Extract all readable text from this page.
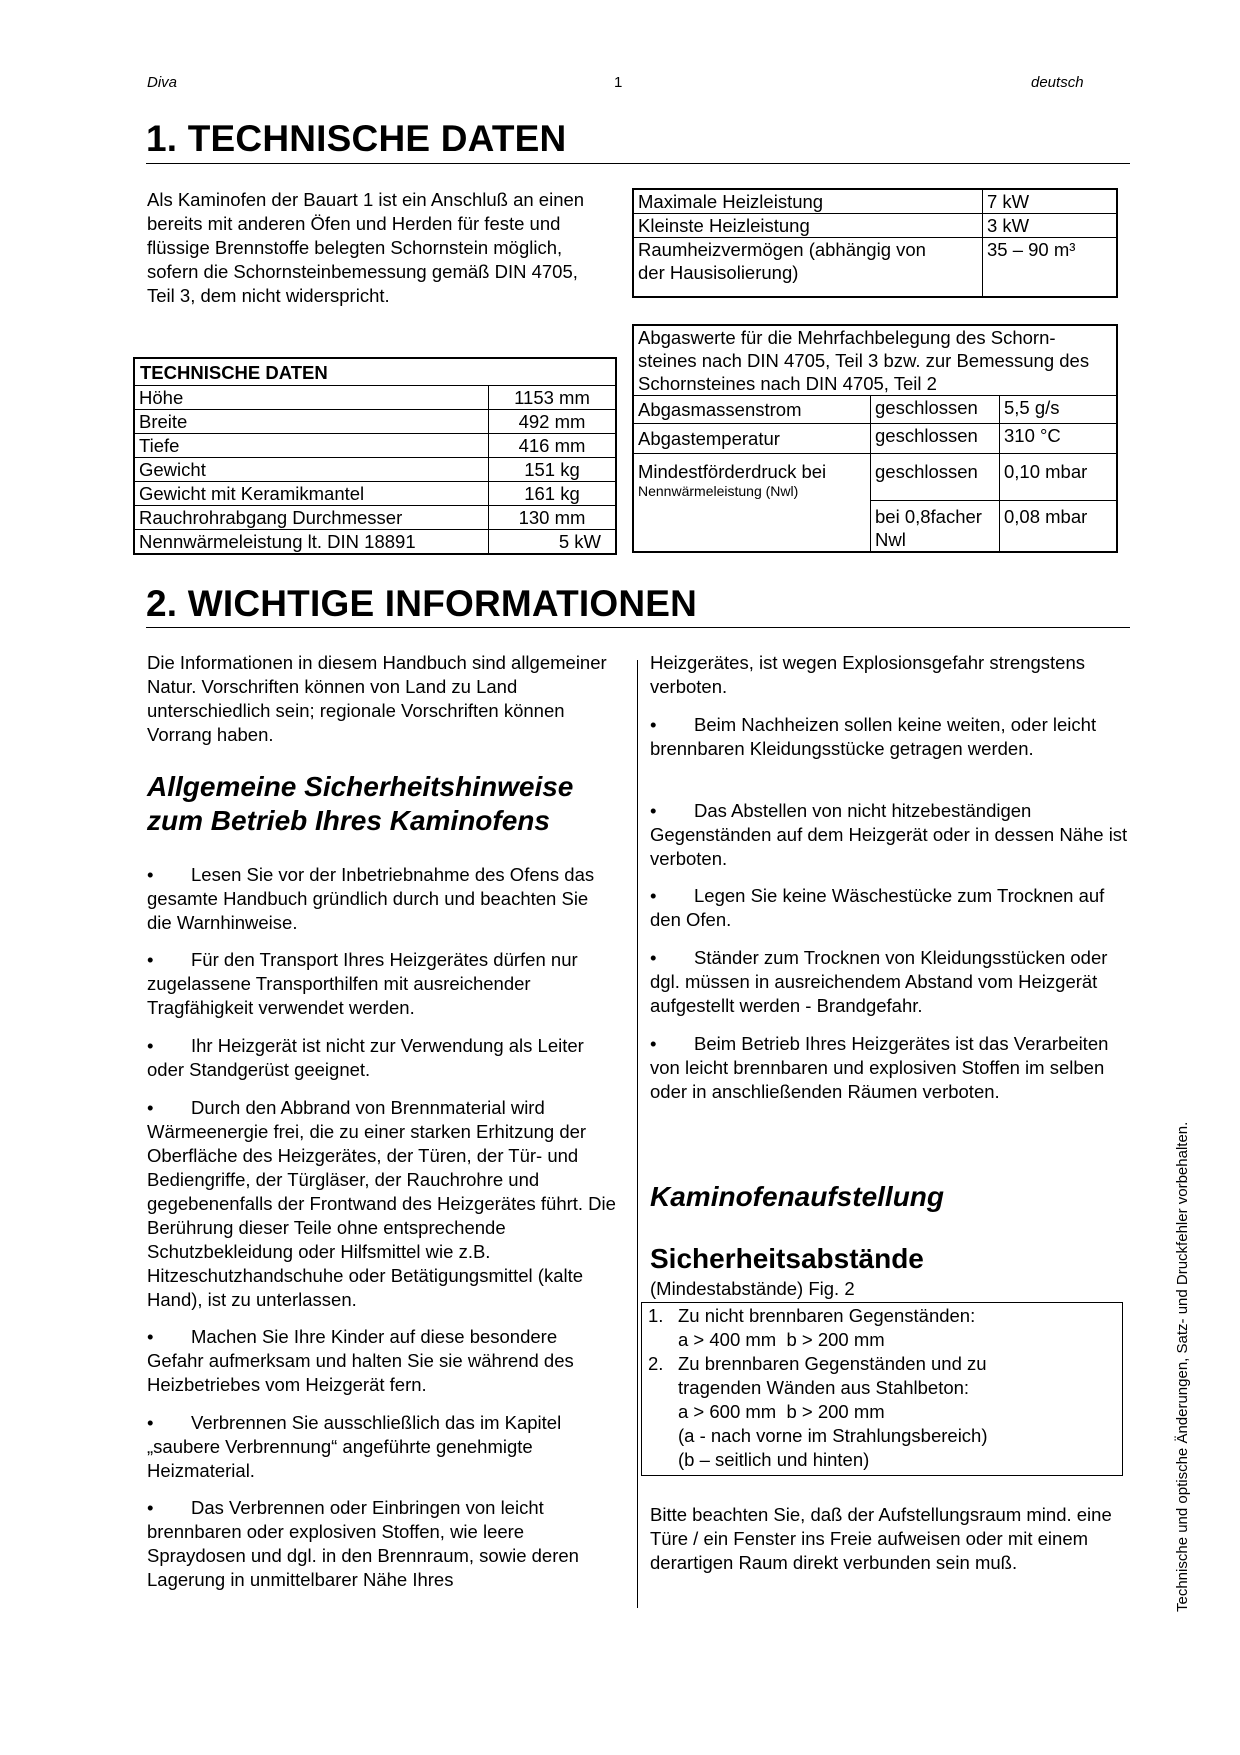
Diva	1	deutsch
1. TECHNISCHE DATEN

Als Kaminofen der Bauart 1 ist ein Anschluß an einen bereits mit anderen Öfen und Herden für feste und flüssige Brennstoffe belegten Schornstein möglich, sofern die Schornsteinbemessung gemäß DIN 4705, Teil 3, dem nicht widerspricht.

TECHNISCHE DATEN	
Höhe	1153 mm
Breite	492 mm
Tiefe	416 mm
Gewicht	151 kg
Gewicht mit Keramikmantel	161 kg
Rauchrohrabgang Durchmesser	130 mm
Nennwärmeleistung lt. DIN 18891	5 kW
Maximale Heizleistung	7 kW
Kleinste Heizleistung	3 kW
Raumheizvermögen (abhängig von der Hausisolierung)	35 – 90 m³
Abgaswerte für die Mehrfachbelegung des Schorn-steines nach DIN 4705, Teil 3 bzw. zur Bemessung des Schornsteines nach DIN 4705, Teil 2		
Abgasmassenstrom	geschlossen	5,5 g/s
Abgastemperatur	geschlossen	310 °C

Mindestförderdruck bei
Nennwärmeleistung (Nwl)	geschlossen	0,10 mbar
	bei 0,8facher Nwl	0,08 mbar
2. WICHTIGE INFORMATIONEN

Die Informationen in diesem Handbuch sind allgemeiner Natur. Vorschriften können von Land zu Land unterschiedlich sein; regionale Vorschriften können Vorrang haben.

Allgemeine Sicherheitshinweise zum Betrieb Ihres Kaminofens
• Lesen Sie vor der Inbetriebnahme des Ofens das gesamte Handbuch gründlich durch und beachten Sie die Warnhinweise.
• Für den Transport Ihres Heizgerätes dürfen nur zugelassene Transporthilfen mit ausreichender Tragfähigkeit verwendet werden.
• Ihr Heizgerät ist nicht zur Verwendung als Leiter oder Standgerüst geeignet.
• Durch den Abbrand von Brennmaterial wird Wärmeenergie frei, die zu einer starken Erhitzung der Oberfläche des Heizgerätes, der Türen, der Tür- und Bediengriffe, der Türgläser, der Rauchrohre und gegebenenfalls der Frontwand des Heizgerätes führt. Die Berührung dieser Teile ohne entsprechende Schutzbekleidung oder Hilfsmittel wie z.B. Hitzeschutzhandschuhe oder Betätigungsmittel (kalte Hand), ist zu unterlassen.
• Machen Sie Ihre Kinder auf diese besondere Gefahr aufmerksam und halten Sie sie während des Heizbetriebes vom Heizgerät fern.
• Verbrennen Sie ausschließlich das im Kapitel „saubere Verbrennung“ angeführte genehmigte Heizmaterial.
• Das Verbrennen oder Einbringen von leicht brennbaren oder explosiven Stoffen, wie leere Spraydosen und dgl. in den Brennraum, sowie deren Lagerung in unmittelbarer Nähe Ihres

Heizgerätes, ist wegen Explosionsgefahr strengstens verboten.

• Beim Nachheizen sollen keine weiten, oder leicht brennbaren Kleidungsstücke getragen werden.
• Das Abstellen von nicht hitzebeständigen Gegenständen auf dem Heizgerät oder in dessen Nähe ist verboten.
• Legen Sie keine Wäschestücke zum Trocknen auf den Ofen.
• Ständer zum Trocknen von Kleidungsstücken oder dgl. müssen in ausreichendem Abstand vom Heizgerät aufgestellt werden - Brandgefahr.
• Beim Betrieb Ihres Heizgerätes ist das Verarbeiten von leicht brennbaren und explosiven Stoffen im selben oder in anschließenden Räumen verboten.
Kaminofenaufstellung
Sicherheitsabstände

(Mindestabstände) Fig. 2

1. Zu nicht brennbaren Gegenständen:
a > 400 mm  b > 200 mm
2. Zu brennbaren Gegenständen und zu tragenden Wänden aus Stahlbeton:
a > 600 mm  b > 200 mm
(a - nach vorne im Strahlungsbereich)
(b – seitlich und hinten)

Bitte beachten Sie, daß der Aufstellungsraum mind. eine Türe / ein Fenster ins Freie aufweisen oder mit einem derartigen Raum direkt verbunden sein muß.	Technische und optische Änderungen, Satz- und Druckfehler vorbehalten.
